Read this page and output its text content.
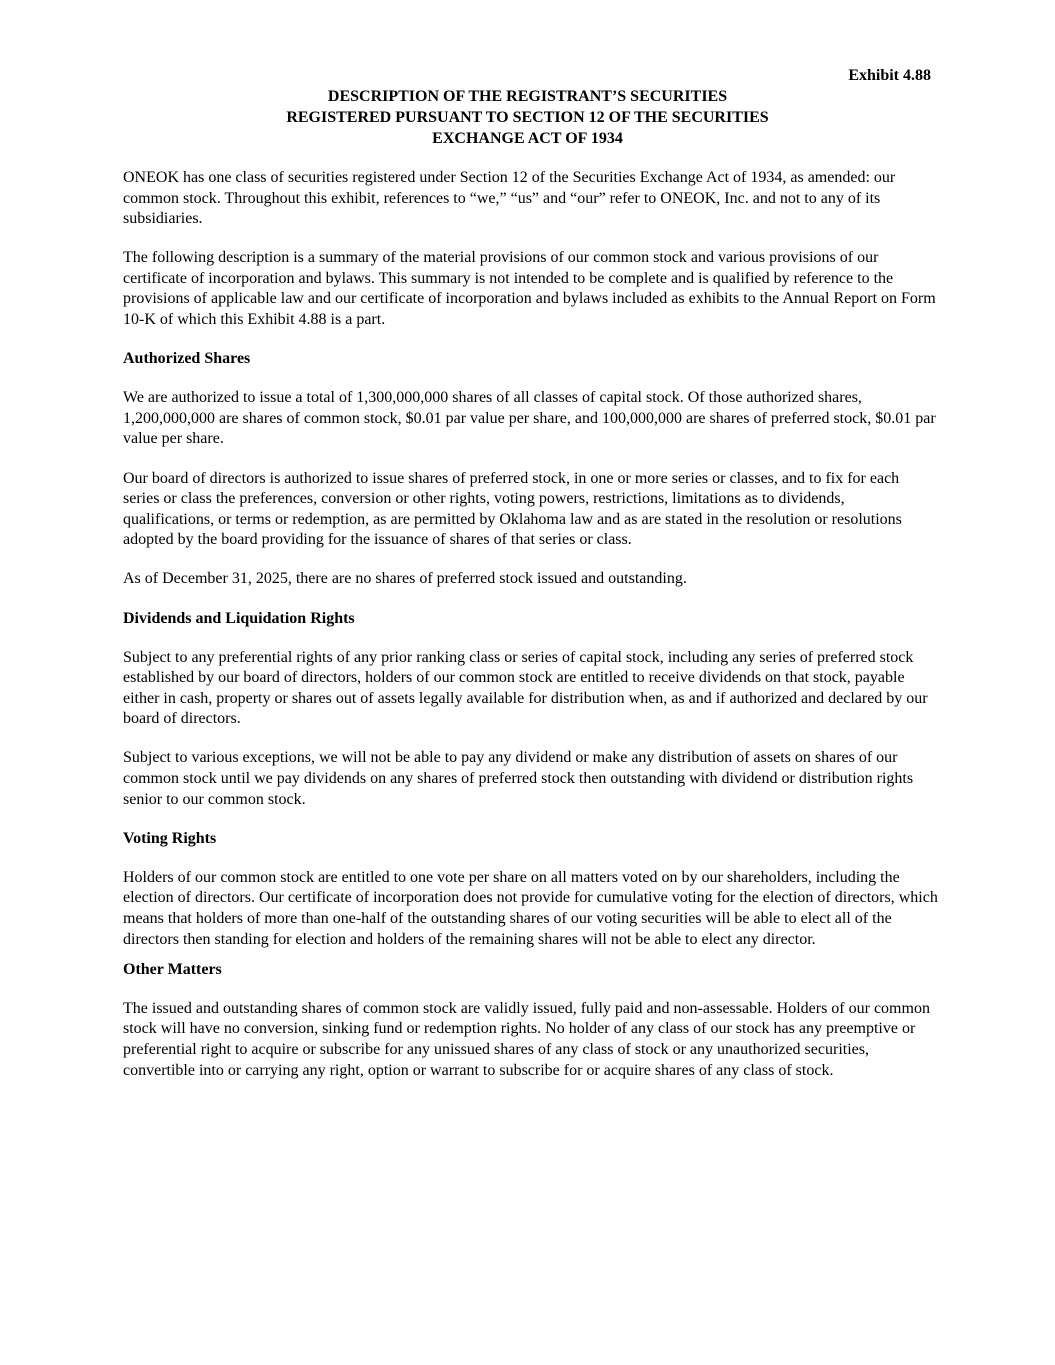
Exhibit 4.88
DESCRIPTION OF THE REGISTRANT’S SECURITIES
REGISTERED PURSUANT TO SECTION 12 OF THE SECURITIES
EXCHANGE ACT OF 1934

ONEOK has one class of securities registered under Section 12 of the Securities Exchange Act of 1934, as amended: our common stock. Throughout this exhibit, references to “we,” “us” and “our” refer to ONEOK, Inc. and not to any of its subsidiaries.

The following description is a summary of the material provisions of our common stock and various provisions of our certificate of incorporation and bylaws. This summary is not intended to be complete and is qualified by reference to the provisions of applicable law and our certificate of incorporation and bylaws included as exhibits to the Annual Report on Form 10-K of which this Exhibit 4.88 is a part.

Authorized Shares

We are authorized to issue a total of 1,300,000,000 shares of all classes of capital stock. Of those authorized shares, 1,200,000,000 are shares of common stock, $0.01 par value per share, and 100,000,000 are shares of preferred stock, $0.01 par value per share.

Our board of directors is authorized to issue shares of preferred stock, in one or more series or classes, and to fix for each series or class the preferences, conversion or other rights, voting powers, restrictions, limitations as to dividends, qualifications, or terms or redemption, as are permitted by Oklahoma law and as are stated in the resolution or resolutions adopted by the board providing for the issuance of shares of that series or class.

As of December 31, 2025, there are no shares of preferred stock issued and outstanding.

Dividends and Liquidation Rights

Subject to any preferential rights of any prior ranking class or series of capital stock, including any series of preferred stock established by our board of directors, holders of our common stock are entitled to receive dividends on that stock, payable either in cash, property or shares out of assets legally available for distribution when, as and if authorized and declared by our board of directors.

Subject to various exceptions, we will not be able to pay any dividend or make any distribution of assets on shares of our common stock until we pay dividends on any shares of preferred stock then outstanding with dividend or distribution rights senior to our common stock.

Voting Rights

Holders of our common stock are entitled to one vote per share on all matters voted on by our shareholders, including the election of directors. Our certificate of incorporation does not provide for cumulative voting for the election of directors, which means that holders of more than one-half of the outstanding shares of our voting securities will be able to elect all of the directors then standing for election and holders of the remaining shares will not be able to elect any director.

Other Matters

The issued and outstanding shares of common stock are validly issued, fully paid and non-assessable. Holders of our common stock will have no conversion, sinking fund or redemption rights. No holder of any class of our stock has any preemptive or preferential right to acquire or subscribe for any unissued shares of any class of stock or any unauthorized securities, convertible into or carrying any right, option or warrant to subscribe for or acquire shares of any class of stock.
